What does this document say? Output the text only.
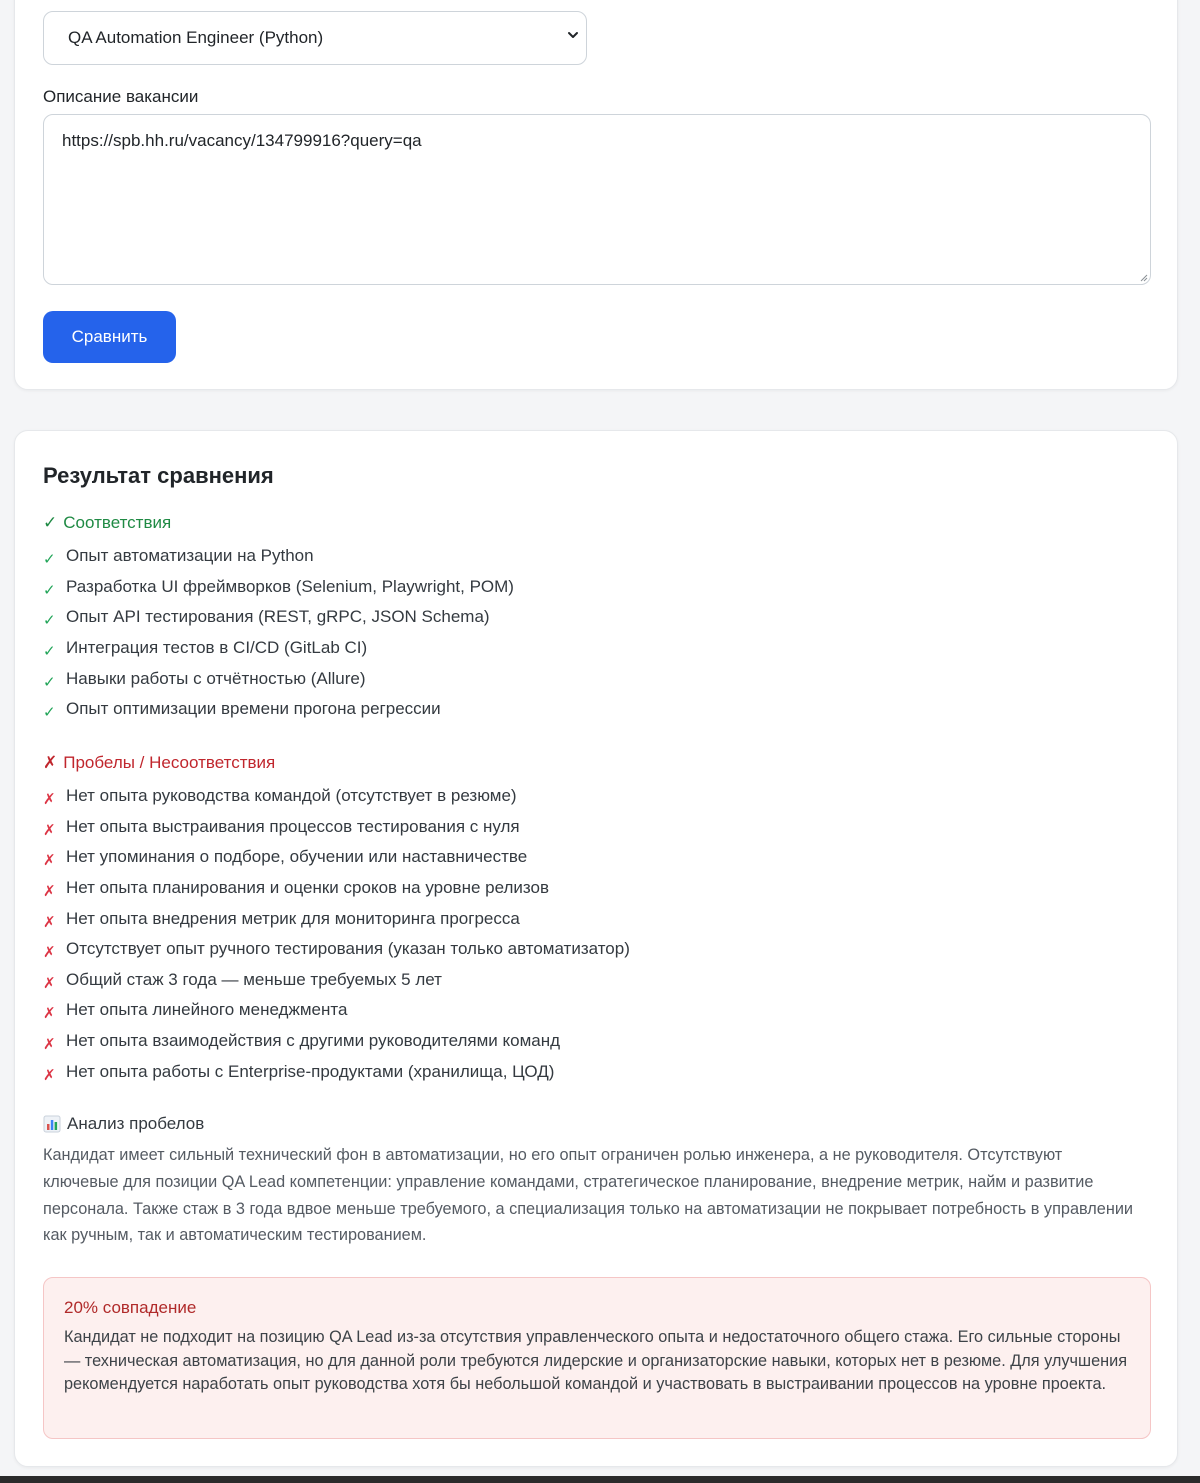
QA Automation Engineer (Python)
Описание вакансии
https://spb.hh.ru/vacancy/134799916?query=qa
Сравнить
Результат сравнения
✓ Соответствия
✓ Опыт автоматизации на Python
✓ Разработка UI фреймворков (Selenium, Playwright, POM)
✓ Опыт API тестирования (REST, gRPC, JSON Schema)
✓ Интеграция тестов в CI/CD (GitLab CI)
✓ Навыки работы с отчётностью (Allure)
✓ Опыт оптимизации времени прогона регрессии
✗ Пробелы / Несоответствия
✗ Нет опыта руководства командой (отсутствует в резюме)
✗ Нет опыта выстраивания процессов тестирования с нуля
✗ Нет упоминания о подборе, обучении или наставничестве
✗ Нет опыта планирования и оценки сроков на уровне релизов
✗ Нет опыта внедрения метрик для мониторинга прогресса
✗ Отсутствует опыт ручного тестирования (указан только автоматизатор)
✗ Общий стаж 3 года — меньше требуемых 5 лет
✗ Нет опыта линейного менеджмента
✗ Нет опыта взаимодействия с другими руководителями команд
✗ Нет опыта работы с Enterprise-продуктами (хранилища, ЦОД)
Анализ пробелов

Кандидат имеет сильный технический фон в автоматизации, но его опыт ограничен ролью инженера, а не руководителя. Отсутствуют ключевые для позиции QA Lead компетенции: управление командами, стратегическое планирование, внедрение метрик, найм и развитие персонала. Также стаж в 3 года вдвое меньше требуемого, а специализация только на автоматизации не покрывает потребность в управлении как ручным, так и автоматическим тестированием.

20% совпадение

Кандидат не подходит на позицию QA Lead из-за отсутствия управленческого опыта и недостаточного общего стажа. Его сильные стороны — техническая автоматизация, но для данной роли требуются лидерские и организаторские навыки, которых нет в резюме. Для улучшения рекомендуется наработать опыт руководства хотя бы небольшой командой и участвовать в выстраивании процессов на уровне проекта.
